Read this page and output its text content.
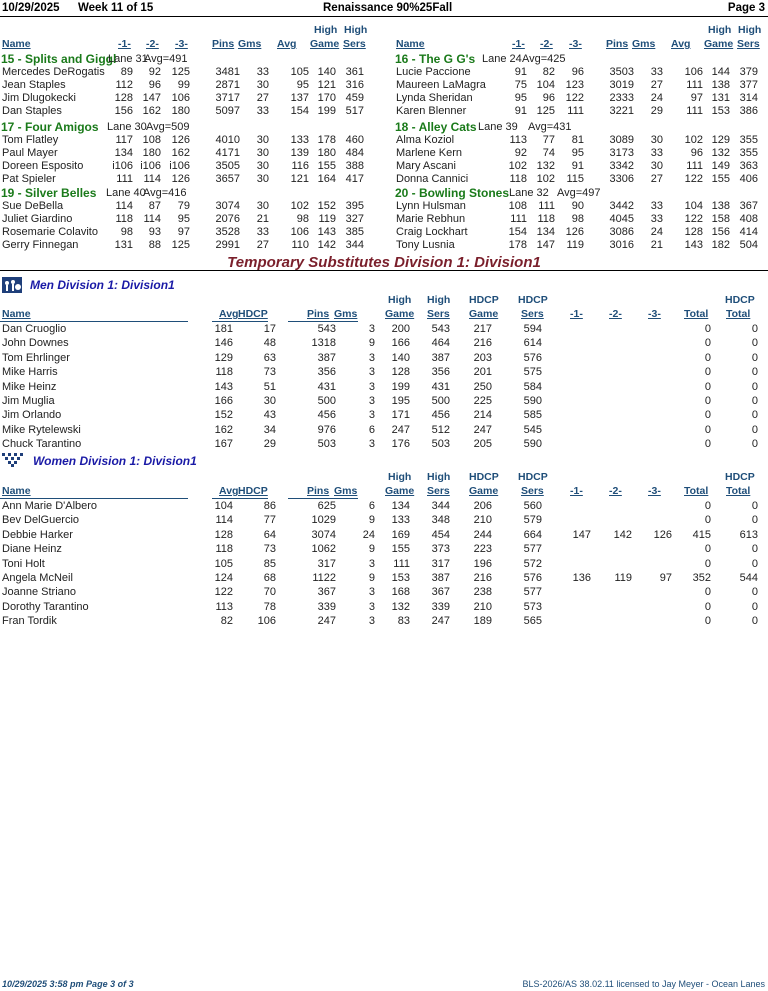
10/29/2025 Week 11 of 15	Renaissance 90%25Fall	Page 3
Name	-1- -2- -3- Pins Gms Avg
High
Game
High
Sers	Name	-1- -2- -3- Pins Gms Avg
High
Game
High
Sers
15 - Splits and Giggl
Lane 31
Avg=491
Mercedes DeRogatis 89 92 125 3481 33 105 140 361
Jean Staples	112 96 99 2871 30	95 121 316
Jim Dlugokecki	128 147 106 3717 27 137 170 459
Dan Staples	156 162 180 5097 33 154 199 517
17 - Four Amigos Lane 30 Avg=509
Tom Flatley	117 108 126 4010 30 133 178 460
Paul Mayer	134 180 162 4171 30 139 180 484
Doreen Esposito	i106 i106 i106 3505 30 116 155 388
Pat Spieler	111 114 126 3657 30 121 164 417
19 - Silver Belles Lane 40
Avg=416
Sue DeBella	114 87 79 3074 30 102 152 395
Juliet Giardino	118 114 95 2076 21	98 119 327
Rosemarie Colavito 98 93 97 3528 33 106 143 385
Gerry Finnegan	131 88 125 2991 27 110 142 344
16 - The G G's Lane 24 Avg=425
Lucie Paccione	91 82 96 3503 33 106 144 379
Maureen LaMagra	75 104 123 3019 27 111 138 377
Lynda Sheridan	95 96 122 2333 24	97 131 314
Karen Blenner	91 125 111 3221 29 111 153 386
18 - Alley Cats Lane 39 Avg=431
Alma Koziol	113 77 81 3089 30 102 129 355
Marlene Kern	92 74 95 3173 33	96 132 355
Mary Ascani	102 132 91 3342 30 111 149 363
Donna Cannici	118 102 115 3306 27 122 155 406
20 - Bowling Stones Lane 32 Avg=497
Lynn Hulsman	108 111 90 3442 33 104 138 367
Marie Rebhun	111 118 98 4045 33 122 158 408
Craig Lockhart	154 134 126 3086 24 128 156 414
Tony Lusnia	178 147 119 3016 21 143 182 504
Temporary Substitutes Division 1: Division1
Men Division 1: Division1
Name	Avg HDCP	Pins Gms
High
Game
High
Sers
HDCP
Game
HDCP
Sers -1- -2- -3- Total
HDCP
Total
Dan Cruoglio	181	17	543	3 200 543 217	594	0	0
John Downes	146	48	1318	9 166 464 216	614	0	0
Tom Ehrlinger	129	63	387	3 140 387 203	576	0	0
Mike Harris	118	73	356	3 128 356 201	575	0	0
Mike Heinz	143	51	431	3 199 431 250	584	0	0
Jim Muglia	166	30	500	3 195 500 225	590	0	0
Jim Orlando	152	43	456	3 171 456 214	585	0	0
Mike Rytelewski	162	34	976	6 247 512 247	545	0	0
Chuck Tarantino	167	29	503	3 176 503 205	590	0	0
Women Division 1: Division1
Name	Avg HDCP	Pins Gms
High
Game
High
Sers
HDCP
Game
HDCP
Sers -1- -2- -3- Total
HDCP
Total
Ann Marie D'Albero	104	86	625	6 134 344 206	560	0	0
Bev DelGuercio	114	77	1029	9 133 348 210	579	0	0
Debbie Harker	128	64	3074 24 169 454 244	664	147 142 126 415	613
Diane Heinz	118	73	1062	9 155 373 223	577	0	0
Toni Holt	105	85	317	3 111 317 196	572	0	0
Angela McNeil	124	68	1122	9 153 387 216	576	136 119	97 352	544
Joanne Striano	122	70	367	3 168 367 238	577	0	0
Dorothy Tarantino	113	78	339	3 132 339 210	573	0	0
Fran Tordik	82 106	247	3 83 247 189	565	0	0
10/29/2025 3:58 pm Page 3 of 3	BLS-2026/AS 38.02.11 licensed to Jay Meyer - Ocean Lanes
